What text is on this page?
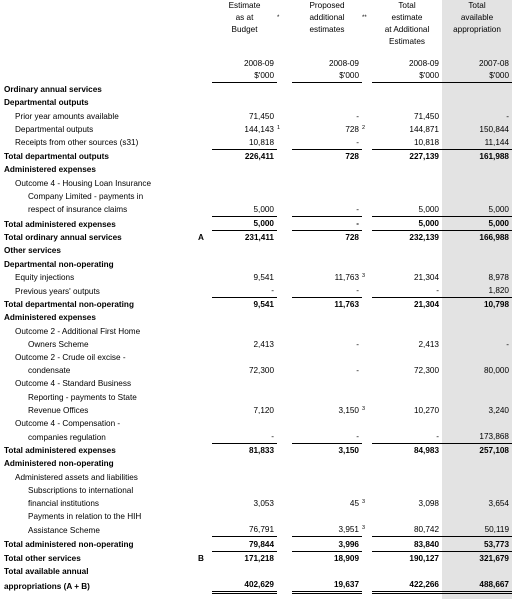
		Estimate		Proposed		Total	Total
		as at	*	additional	**	estimate	available
		Budget		estimates		at Additional	appropriation
						Estimates	

		2008-09		2008-09		2008-09	2007-08
		$'000		$'000		$'000	$'000
Ordinary annual services							
Departmental outputs							
Prior year amounts available		71,450		-		71,450	-
Departmental outputs		144,143	1	728	2	144,871	150,844
Receipts from other sources (s31)		10,818		-		10,818	11,144
Total departmental outputs		226,411		728		227,139	161,988
Administered expenses							
Outcome 4 - Housing Loan Insurance							
Company Limited - payments in							
respect of insurance claims		5,000		-		5,000	5,000
Total administered expenses		5,000		-		5,000	5,000
Total ordinary annual services	A	231,411		728		232,139	166,988
Other services							
Departmental non-operating							
Equity injections		9,541		11,763	3	21,304	8,978
Previous years' outputs		-		-		-	1,820
Total departmental non-operating		9,541		11,763		21,304	10,798
Administered expenses							
Outcome 2 - Additional First Home							
Owners Scheme		2,413		-		2,413	-
Outcome 2 - Crude oil excise -							
condensate		72,300		-		72,300	80,000
Outcome 4 - Standard Business							
Reporting - payments to State							
Revenue Offices		7,120		3,150	3	10,270	3,240
Outcome 4 - Compensation -							
companies regulation		-		-		-	173,868
Total administered expenses		81,833		3,150		84,983	257,108
Administered non-operating							
Administered assets and liabilities							
Subscriptions to international							
financial institutions		3,053		45	3	3,098	3,654
Payments in relation to the HIH							
Assistance Scheme		76,791		3,951	3	80,742	50,119
Total administered non-operating		79,844		3,996		83,840	53,773
Total other services	B	171,218		18,909		190,127	321,679
Total available annual							
appropriations (A + B)		402,629		19,637		422,266	488,667
